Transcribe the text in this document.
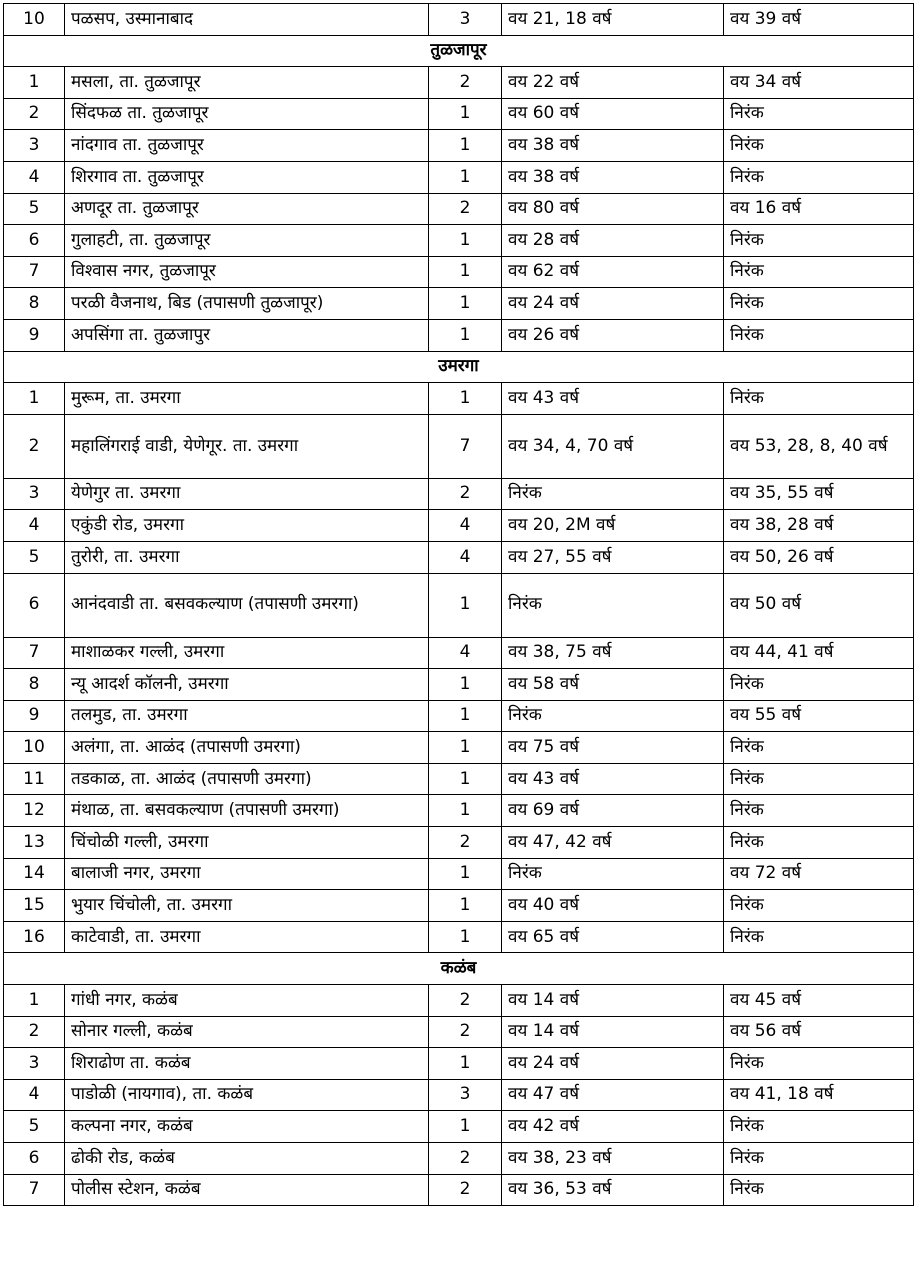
10	पळसप, उस्मानाबाद	3	वय 21, 18 वर्ष	वय 39 वर्ष
तुळजापूर				
1	मसला, ता. तुळजापूर	2	वय 22 वर्ष	वय 34 वर्ष
2	सिंदफळ ता. तुळजापूर	1	वय 60 वर्ष	निरंक
3	नांदगाव ता. तुळजापूर	1	वय 38 वर्ष	निरंक
4	शिरगाव ता. तुळजापूर	1	वय 38 वर्ष	निरंक
5	अणदूर ता. तुळजापूर	2	वय 80 वर्ष	वय 16 वर्ष
6	गुलाहटी, ता. तुळजापूर	1	वय 28 वर्ष	निरंक
7	विश्वास नगर, तुळजापूर	1	वय 62 वर्ष	निरंक
8	परळी वैजनाथ, बिड (तपासणी तुळजापूर)	1	वय 24 वर्ष	निरंक
9	अपसिंगा ता. तुळजापुर	1	वय 26 वर्ष	निरंक
उमरगा				
1	मुरूम, ता. उमरगा	1	वय 43 वर्ष	निरंक
2	महालिंगराई वाडी, येणेगूर. ता. उमरगा	7	वय 34, 4, 70 वर्ष	वय 53, 28, 8, 40 वर्ष
3	येणेगुर ता. उमरगा	2	निरंक	वय 35, 55 वर्ष
4	एकुंडी रोड, उमरगा	4	वय 20, 2M वर्ष	वय 38, 28 वर्ष
5	तुरोरी, ता. उमरगा	4	वय 27, 55 वर्ष	वय 50, 26 वर्ष
6	आनंदवाडी ता. बसवकल्याण (तपासणी उमरगा)	1	निरंक	वय 50 वर्ष
7	माशाळकर गल्ली, उमरगा	4	वय 38, 75 वर्ष	वय 44, 41 वर्ष
8	न्यू आदर्श कॉलनी, उमरगा	1	वय 58 वर्ष	निरंक
9	तलमुड, ता. उमरगा	1	निरंक	वय 55 वर्ष
10	अलंगा, ता. आळंद (तपासणी उमरगा)	1	वय 75 वर्ष	निरंक
11	तडकाळ, ता. आळंद (तपासणी उमरगा)	1	वय 43 वर्ष	निरंक
12	मंथाळ, ता. बसवकल्याण (तपासणी उमरगा)	1	वय 69 वर्ष	निरंक
13	चिंचोळी गल्ली, उमरगा	2	वय 47, 42 वर्ष	निरंक
14	बालाजी नगर, उमरगा	1	निरंक	वय 72 वर्ष
15	भुयार चिंचोली, ता. उमरगा	1	वय 40 वर्ष	निरंक
16	काटेवाडी, ता. उमरगा	1	वय 65 वर्ष	निरंक
कळंब				
1	गांधी नगर, कळंब	2	वय 14 वर्ष	वय 45 वर्ष
2	सोनार गल्ली, कळंब	2	वय 14 वर्ष	वय 56 वर्ष
3	शिराढोण ता. कळंब	1	वय 24 वर्ष	निरंक
4	पाडोळी (नायगाव), ता. कळंब	3	वय 47 वर्ष	वय 41, 18 वर्ष
5	कल्पना नगर, कळंब	1	वय 42 वर्ष	निरंक
6	ढोकी रोड, कळंब	2	वय 38, 23 वर्ष	निरंक
7	पोलीस स्टेशन, कळंब	2	वय 36, 53 वर्ष	निरंक
